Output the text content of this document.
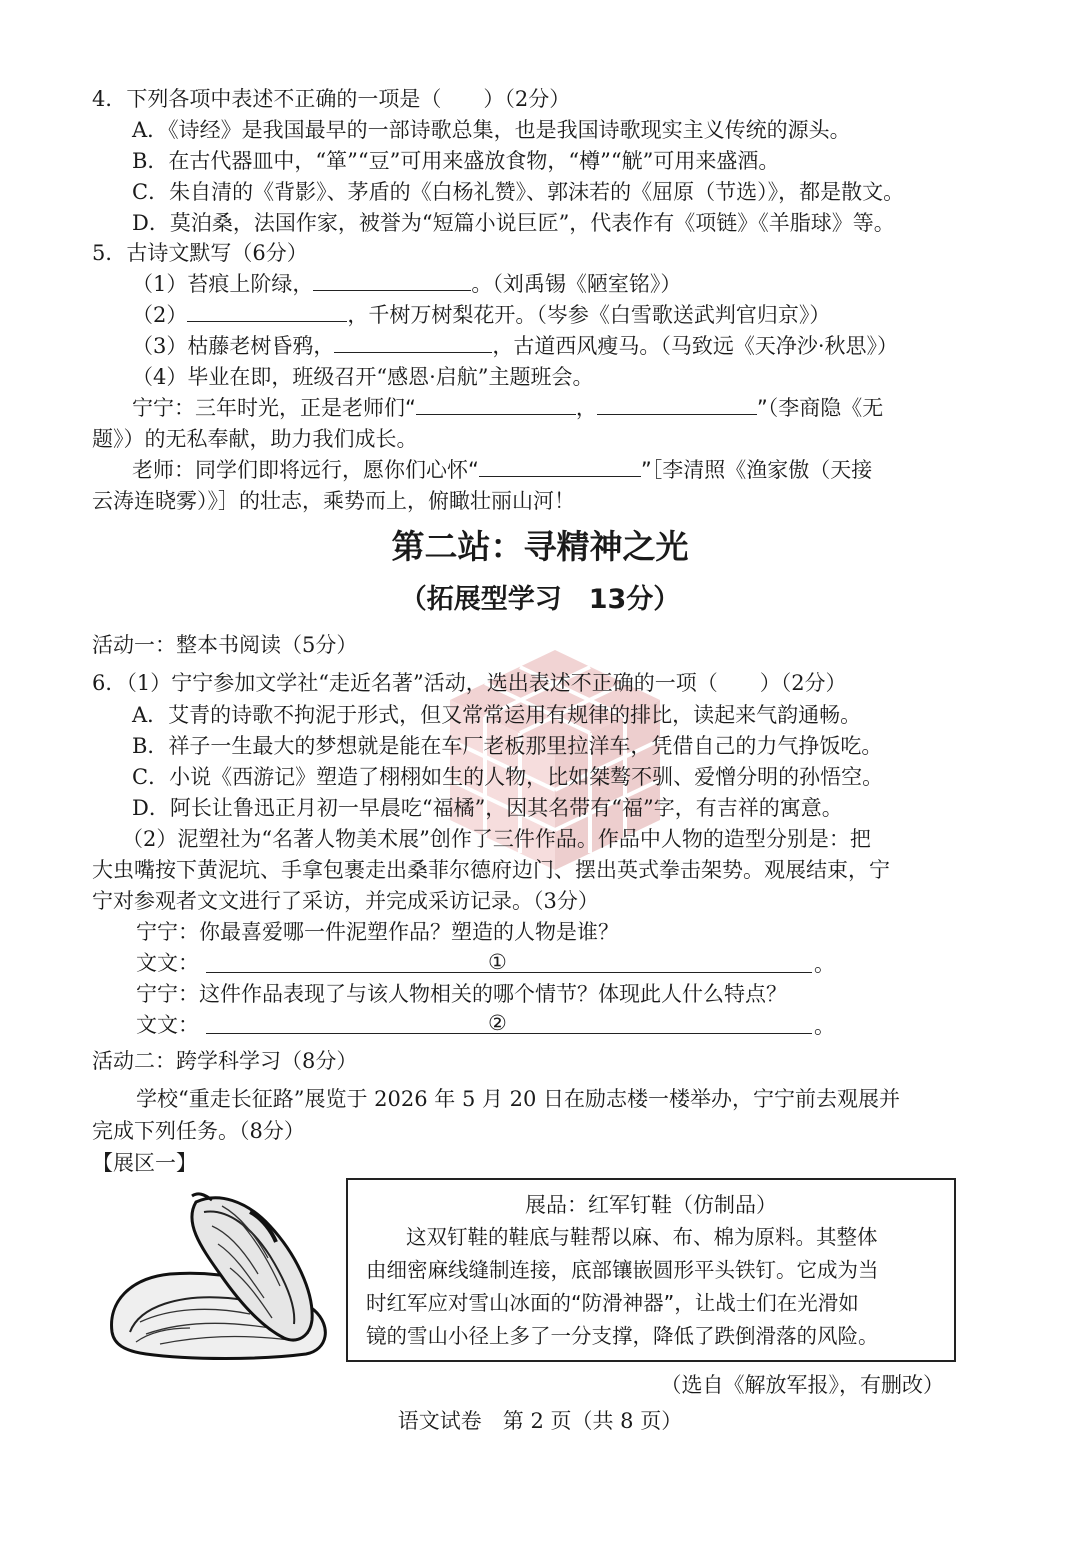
4．下列各项中表述不正确的一项是（　　）（2分）
A．《诗经》是我国最早的一部诗歌总集，也是我国诗歌现实主义传统的源头。
B．在古代器皿中，“箪”“豆”可用来盛放食物，“樽”“觥”可用来盛酒。
C．朱自清的《背影》、茅盾的《白杨礼赞》、郭沫若的《屈原（节选）》，都是散文。
D．莫泊桑，法国作家，被誉为“短篇小说巨匠”，代表作有《项链》《羊脂球》等。
5．古诗文默写（6分）
（1）苔痕上阶绿，	。（刘禹锡《陋室铭》）
（2）	，千树万树梨花开。（岑参《白雪歌送武判官归京》）
（3）枯藤老树昏鸦，	，古道西风瘦马。（马致远《天净沙·秋思》）
（4）毕业在即，班级召开“感恩·启航”主题班会。
宁宁：三年时光，正是老师们“	，	”（李商隐《无
题》）的无私奉献，助力我们成长。
老师：同学们即将远行，愿你们心怀“	”［李清照《渔家傲（天接
云涛连晓雾）》］的壮志，乘势而上，俯瞰壮丽山河！
第二站：寻精神之光
（拓展型学习　13分）
活动一：整本书阅读（5分）
6．（1）宁宁参加文学社“走近名著”活动，选出表述不正确的一项（　　）（2分）
A．艾青的诗歌不拘泥于形式，但又常常运用有规律的排比，读起来气韵通畅。
B．祥子一生最大的梦想就是能在车厂老板那里拉洋车，凭借自己的力气挣饭吃。
C．小说《西游记》塑造了栩栩如生的人物，比如桀骜不驯、爱憎分明的孙悟空。
D．阿长让鲁迅正月初一早晨吃“福橘”，因其名带有“福”字，有吉祥的寓意。
（2）泥塑社为“名著人物美术展”创作了三件作品。作品中人物的造型分别是：把
大虫嘴按下黄泥坑、手拿包裹走出桑菲尔德府边门、摆出英式拳击架势。观展结束，宁
宁对参观者文文进行了采访，并完成采访记录。（3分）
宁宁：你最喜爱哪一件泥塑作品？塑造的人物是谁？
文文：	①	。
宁宁：这件作品表现了与该人物相关的哪个情节？体现此人什么特点？
文文：	②	。
活动二：跨学科学习（8分）
学校“重走长征路”展览于 2026 年 5 月 20 日在励志楼一楼举办，宁宁前去观展并
完成下列任务。（8分）
【展区一】
展品：红军钉鞋（仿制品）
这双钉鞋的鞋底与鞋帮以麻、布、棉为原料。其整体
由细密麻线缝制连接，底部镶嵌圆形平头铁钉。它成为当
时红军应对雪山冰面的“防滑神器”，让战士们在光滑如
镜的雪山小径上多了一分支撑，降低了跌倒滑落的风险。
（选自《解放军报》，有删改）
语文试卷　第 2 页（共 8 页）
